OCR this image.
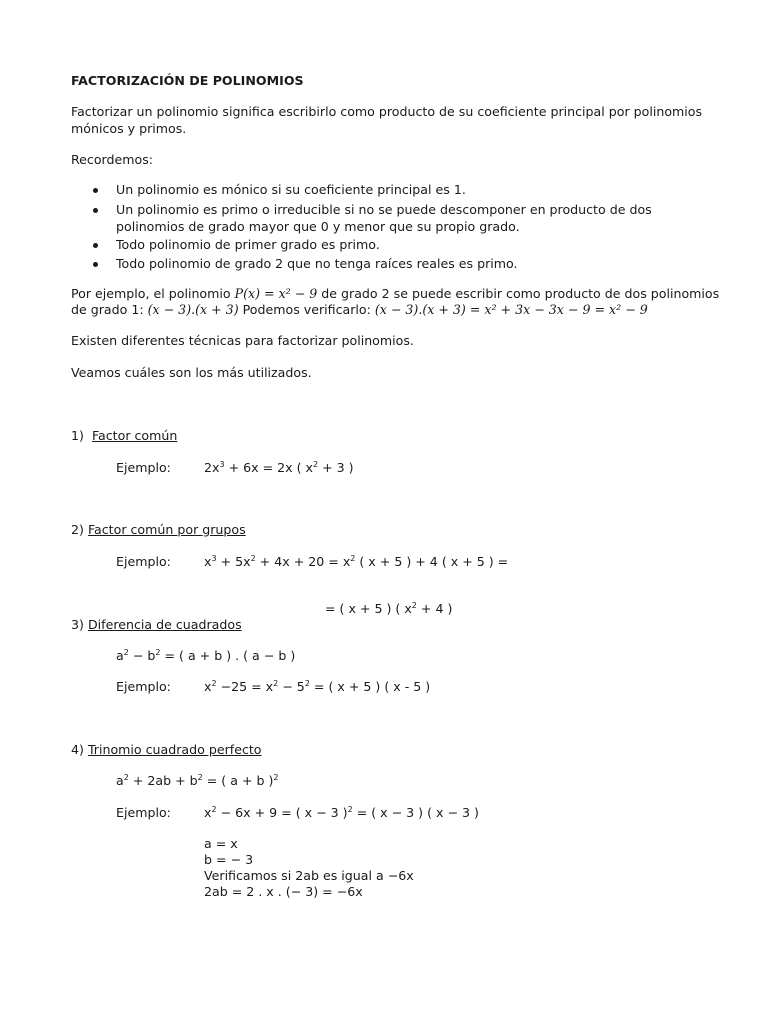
FACTORIZACIÓN DE POLINOMIOS
Factorizar un polinomio significa escribirlo como producto de su coeficiente principal por polinomios
mónicos y primos.
Recordemos:
Un polinomio es mónico si su coeficiente principal es 1.
Un polinomio es primo o irreducible si no se puede descomponer en producto de dos
polinomios de grado mayor que 0 y menor que su propio grado.
Todo polinomio de primer grado es primo.
Todo polinomio de grado 2 que no tenga raíces reales es primo.
Por ejemplo, el polinomio P(x) = x² − 9 de grado 2 se puede escribir como producto de dos polinomios
de grado 1: (x − 3).(x + 3) Podemos verificarlo: (x − 3).(x + 3) = x² + 3x − 3x − 9 = x² − 9
Existen diferentes técnicas para factorizar polinomios.
Veamos cuáles son los más utilizados.
1) Factor común
Ejemplo:	$2x^3 + 6x = 2x$ ( $x^2 + 3$ )
2) Factor común por grupos
Ejemplo:	$x^3 + 5x^2 + 4x + 20 = x^2$ ( x + 5 ) + 4 ( x + 5 ) =
= ( x + 5 ) ( $x^2 + 4$ )
3) Diferencia de cuadrados
$a^2 - b^2$ = ( a + b ) . ( a − b )
Ejemplo:	$x^2 -25 = x^2 - 5^2$ = ( x + 5 ) ( x - 5 )
4) Trinomio cuadrado perfecto
$a^2 + 2ab + b^2$ = ( a + b )$^2$
Ejemplo:	$x^2 - 6x + 9$ = ( x − 3 )$^2$ = ( x − 3 ) ( x − 3 )
a = x
b = − 3
Verificamos si 2ab es igual a −6x
2ab = 2 . x . (− 3) = −6x
